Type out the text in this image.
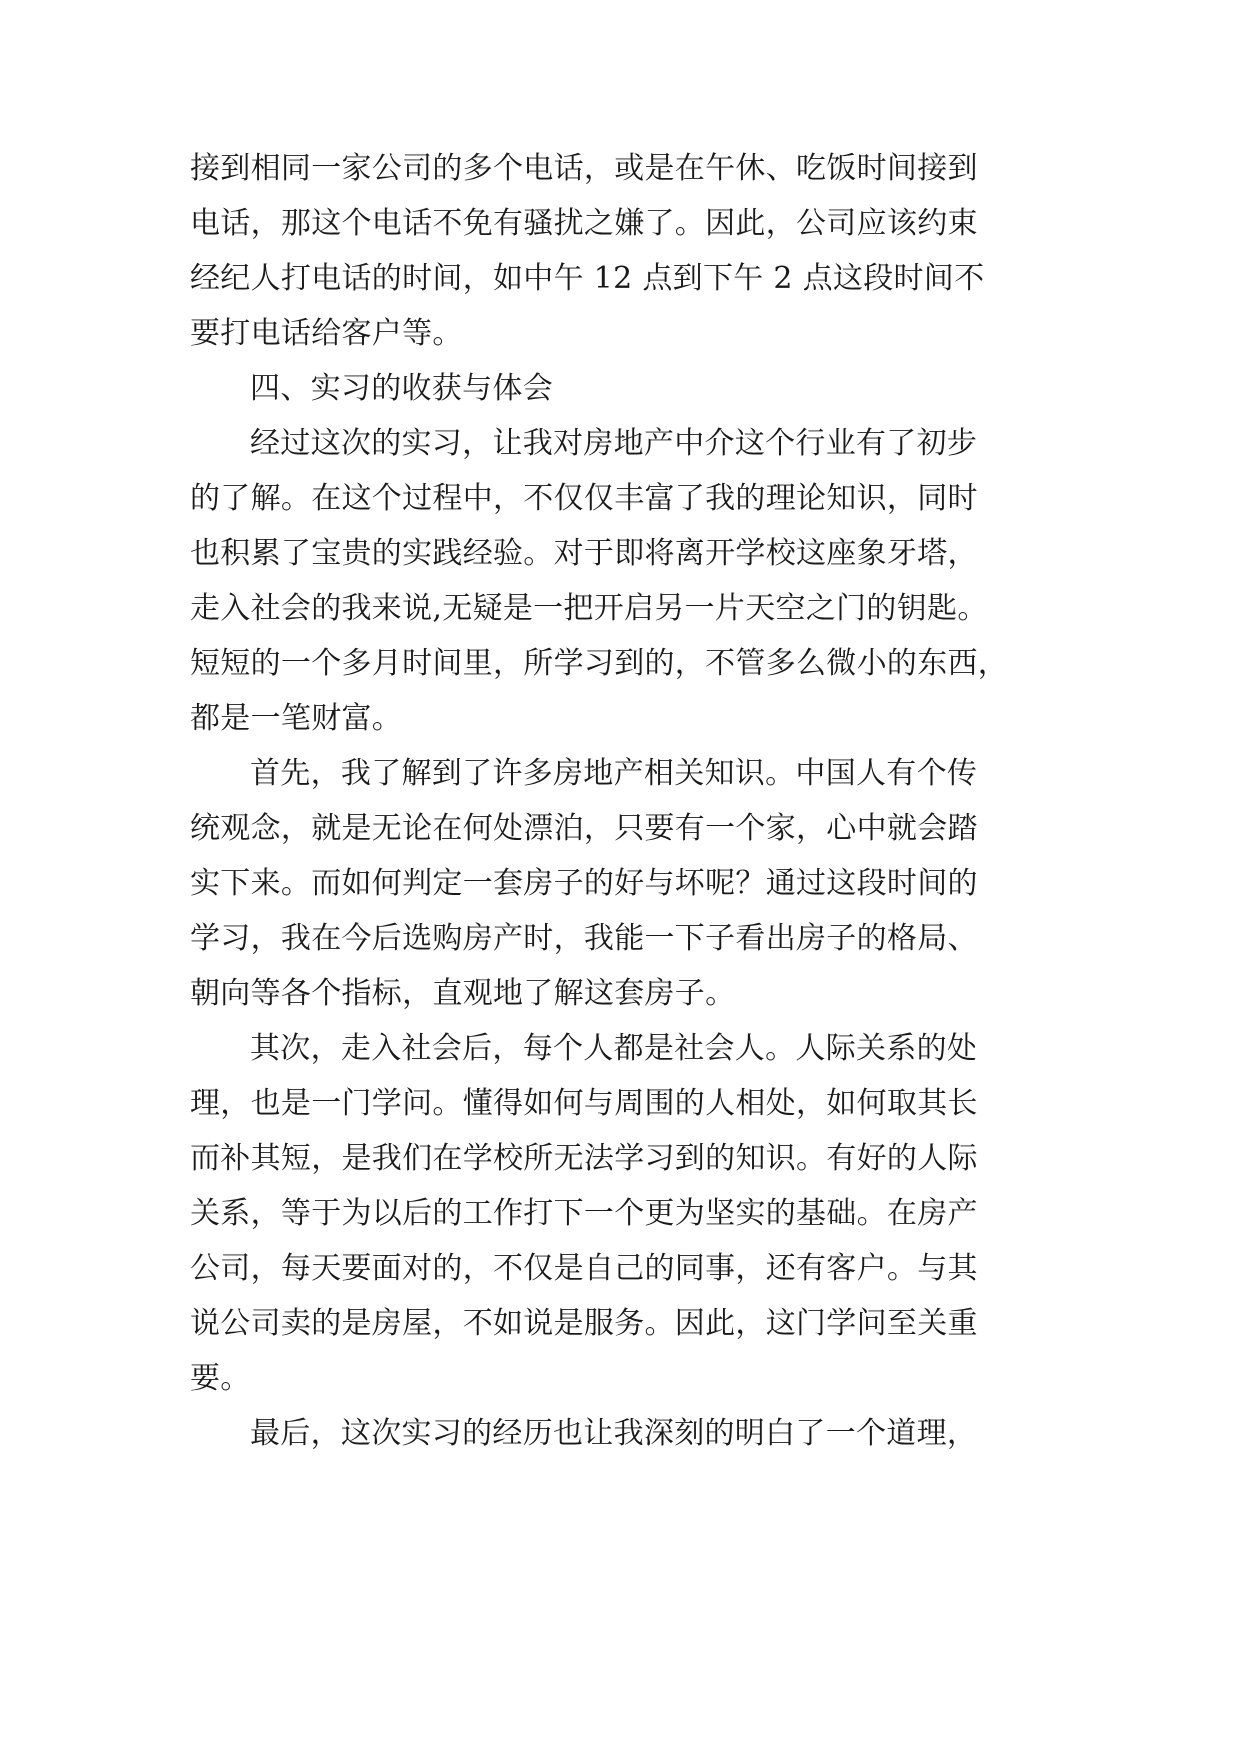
接到相同一家公司的多个电话，或是在午休、吃饭时间接到
电话，那这个电话不免有骚扰之嫌了。因此，公司应该约束
经纪人打电话的时间，如中午 12 点到下午 2 点这段时间不
要打电话给客户等。
四、实习的收获与体会
经过这次的实习，让我对房地产中介这个行业有了初步
的了解。在这个过程中，不仅仅丰富了我的理论知识，同时
也积累了宝贵的实践经验。对于即将离开学校这座象牙塔，
走入社会的我来说,无疑是一把开启另一片天空之门的钥匙。
短短的一个多月时间里，所学习到的，不管多么微小的东西，
都是一笔财富。
首先，我了解到了许多房地产相关知识。中国人有个传
统观念，就是无论在何处漂泊，只要有一个家，心中就会踏
实下来。而如何判定一套房子的好与坏呢？通过这段时间的
学习，我在今后选购房产时，我能一下子看出房子的格局、
朝向等各个指标，直观地了解这套房子。
其次，走入社会后，每个人都是社会人。人际关系的处
理，也是一门学问。懂得如何与周围的人相处，如何取其长
而补其短，是我们在学校所无法学习到的知识。有好的人际
关系，等于为以后的工作打下一个更为坚实的基础。在房产
公司，每天要面对的，不仅是自己的同事，还有客户。与其
说公司卖的是房屋，不如说是服务。因此，这门学问至关重
要。
最后，这次实习的经历也让我深刻的明白了一个道理，
